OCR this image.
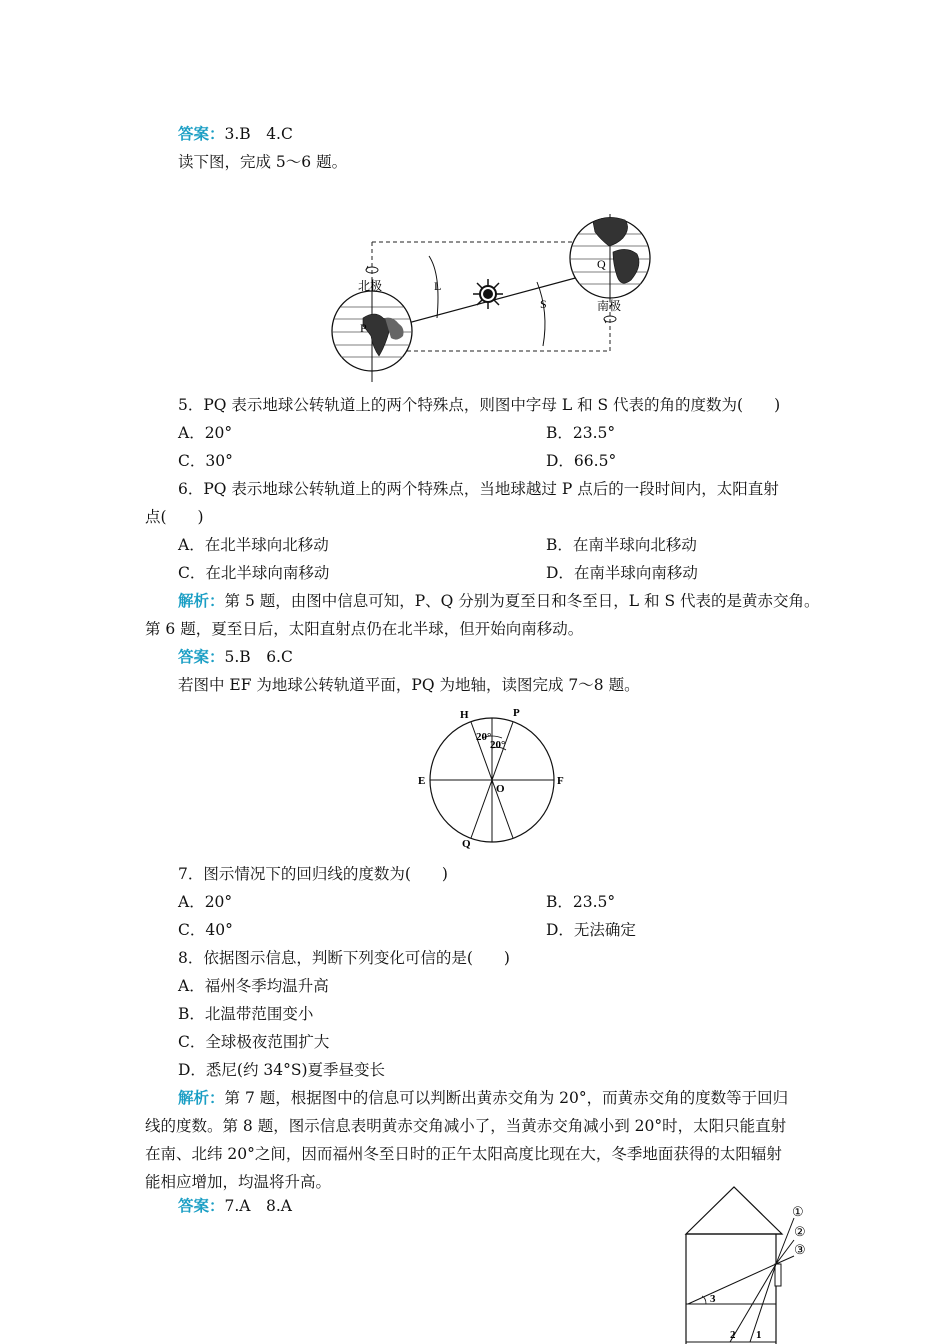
答案：3.B　4.C
读下图，完成 5～6 题。
L
S
P
北极
Q
南极
5．PQ 表示地球公转轨道上的两个特殊点，则图中字母 L 和 S 代表的角的度数为(　　)
A．20°	B．23.5°
C．30°	D．66.5°
6．PQ 表示地球公转轨道上的两个特殊点，当地球越过 P 点后的一段时间内，太阳直射
点(　　)
A．在北半球向北移动	B．在南半球向北移动
C．在北半球向南移动	D．在南半球向南移动
解析：第 5 题，由图中信息可知，P、Q 分别为夏至日和冬至日，L 和 S 代表的是黄赤交角。
第 6 题，夏至日后，太阳直射点仍在北半球，但开始向南移动。
答案：5.B　6.C
若图中 EF 为地球公转轨道平面，PQ 为地轴，读图完成 7～8 题。
20°
20°
H	P
E	F
O
Q
7．图示情况下的回归线的度数为(　　)
A．20°	B．23.5°
C．40°	D．无法确定
8．依据图示信息，判断下列变化可信的是(　　)
A．福州冬季均温升高
B．北温带范围变小
C．全球极夜范围扩大
D．悉尼(约 34°S)夏季昼变长
解析：第 7 题，根据图中的信息可以判断出黄赤交角为 20°，而黄赤交角的度数等于回归
线的度数。第 8 题，图示信息表明黄赤交角减小了，当黄赤交角减小到 20°时，太阳只能直射
在南、北纬 20°之间，因而福州冬至日时的正午太阳高度比现在大，冬季地面获得的太阳辐射
能相应增加，均温将升高。
答案：7.A　8.A	①
②
③
3
2 1
